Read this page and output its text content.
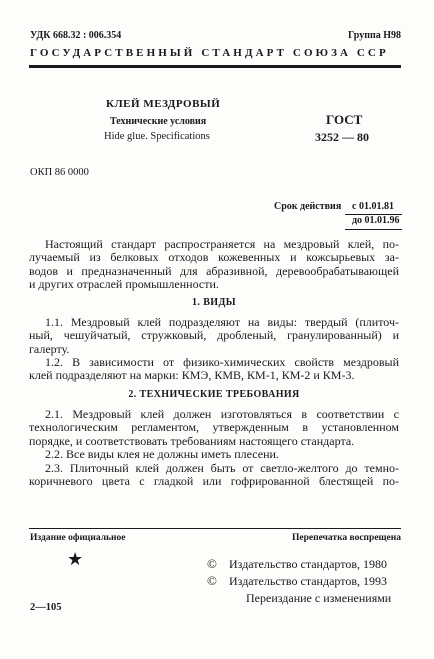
УДК 668.32 : 006.354	Группа Н98
ГОСУДАРСТВЕННЫЙ СТАНДАРТ СОЮЗА ССР
КЛЕЙ МЕЗДРОВЫЙ
Технические условия
Hide glue. Specifications
ГОСТ
3252 — 80
ОКП 86 0000
Срок действия с 01.01.81
до 01.01.96
Настоящий стандарт распространяется на мездровый клей, по-
лучаемый из белковых отходов кожевенных и кожсырьевых за-
водов и предназначенный для абразивной, деревообрабатывающей
и других отраслей промышленности.
1. ВИДЫ
1.1. Мездровый клей подразделяют на виды: твердый (плиточ-
ный, чешуйчатый, стружковый, дробленый, гранулированный) и
галерту.
1.2. В зависимости от физико-химических свойств мездровый
клей подразделяют на марки: КМЭ, КМВ, КМ-1, КМ-2 и КМ-3.
2. ТЕХНИЧЕСКИЕ ТРЕБОВАНИЯ
2.1. Мездровый клей должен изготовляться в соответствии с
технологическим регламентом, утвержденным в установленном
порядке, и соответствовать требованиям настоящего стандарта.
2.2. Все виды клея не должны иметь плесени.
2.3. Плиточный клей должен быть от светло-желтого до темно-
коричневого цвета с гладкой или гофрированной блестящей по-
Издание официальное	Перепечатка воспрещена
★	© Издательство стандартов, 1980
© Издательство стандартов, 1993
Переиздание с изменениями
2—105
